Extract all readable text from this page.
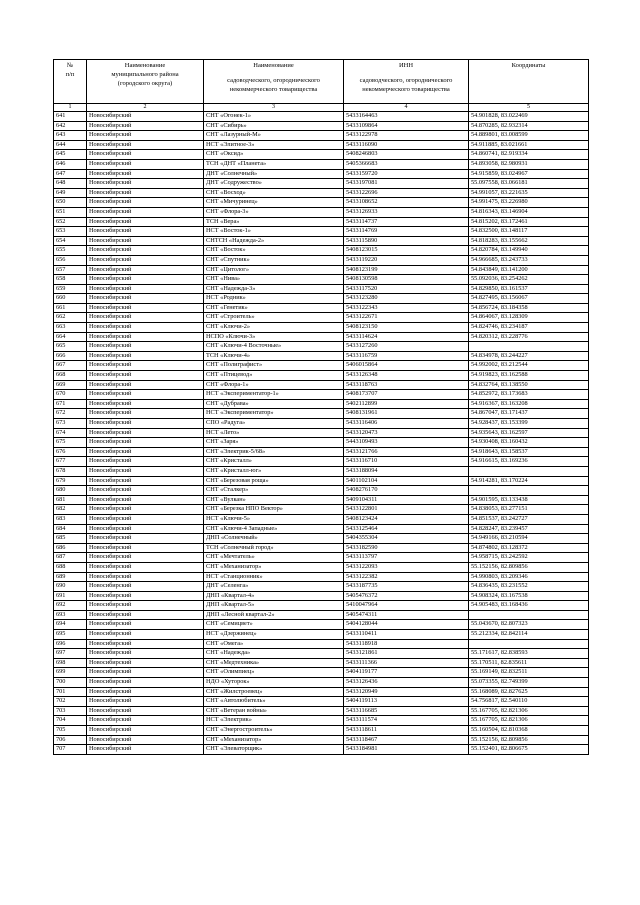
№
п/п	Наименование
муниципального района
(городского округа)	Наименование
садоводческого, огороднического
некоммерческого товарищества	ИНН
садоводческого, огороднического
некоммерческого товарищества	Координаты
1	2	3	4	5
641	Новосибирский	СНТ «Огонек-1»	5433164463	54.901828, 83.022469
642	Новосибирский	СНТ «Сибирь»	5433109864	54.870285, 82.932314
643	Новосибирский	СНТ «Лазурный-М»	5433122978	54.889801, 83.008599
644	Новосибирский	НСТ «Элитное-3»	5433116090	54.911885, 83.021661
645	Новосибирский	СНТ «Оксид»	5408246803	54.860741, 82.919334
646	Новосибирский	ТСН «ДНТ «Планета»	5405366683	54.893058, 82.980931
647	Новосибирский	ДНТ «Солнечный»	5433159720	54.915859, 83.024967
648	Новосибирский	ДНТ «Содружество»	5433197081	55.097558, 83.066181
649	Новосибирский	СНТ «Восход»	5433122696	54.991057, 83.221635
650	Новосибирский	СНТ «Мичуринец»	5433108652	54.991475, 83.226980
651	Новосибирский	СНТ «Флора-3»	5433126933	54.816343, 83.146904
652	Новосибирский	ТСН «Вера»	5433114737	54.815202, 83.172461
653	Новосибирский	НСТ «Восток-1»	5433114769	54.832500, 83.148117
654	Новосибирский	СНТСН «Надежда-2»	5433115890	54.818283, 83.155662
655	Новосибирский	СНТ «Восток»	5408123015	54.820784, 83.149940
656	Новосибирский	СНТ «Спутник»	5433119220	54.966685, 83.243733
657	Новосибирский	СНТ «Цитолог»	5408123199	54.843849, 83.141200
658	Новосибирский	СНТ «Нива»	5408130598	55.092036, 83.254262
659	Новосибирский	СНТ «Надежда-3»	5433117520	54.829850, 83.161537
660	Новосибирский	НСТ «Родник»	5433123280	54.827495, 83.156067
661	Новосибирский	СНТ «Генетик»	5433122343	54.856724, 83.184358
662	Новосибирский	СНТ «Строитель»	5433122671	54.864067, 83.128309
663	Новосибирский	СНТ «Ключи-2»	5408123150	54.824746, 83.234187
664	Новосибирский	НСПО «Ключи-3»	5433114624	54.820312, 83.228776
665	Новосибирский	СНТ «Ключи-4 Восточные»	5433127260	
666	Новосибирский	ТСН «Ключи-4»	5433116759	54.834978, 83.244227
667	Новосибирский	СНТ «Полиграфист»	5406015864	54.992002, 83.212544
668	Новосибирский	СНТ «Птицевод»	5433126348	54.919823, 83.162588
669	Новосибирский	СНТ «Флора-1»	5433118763	54.832764, 83.138550
670	Новосибирский	НСТ «Экспериментатор-1»	5408173707	54.852972, 83.173683
671	Новосибирский	СНТ «Дубрава»	5402112899	54.916367, 83.163208
672	Новосибирский	НСТ «Экспериментатор»	5408131961	54.867047, 83.171437
673	Новосибирский	СПО «Радуга»	5433116406	54.928437, 83.153399
674	Новосибирский	НСТ «Лето»	5433120473	54.935643, 83.162597
675	Новосибирский	СНТ «Заря»	5443109493	54.930408, 83.160432
676	Новосибирский	СНТ «Электрик-5/68»	5433121766	54.918643, 83.158537
677	Новосибирский	СНТ «Кристалл»	5433116710	54.916615, 83.169236
678	Новосибирский	СНТ «Кристалл-юг»	5433188094	
679	Новосибирский	СНТ «Березовая роща»	5401102104	54.914281, 83.170224
680	Новосибирский	СНТ «Сталкер»	5408276170	
681	Новосибирский	СНТ «Вулкан»	5409104311	54.901595, 83.133438
682	Новосибирский	СНТ «Березка НПО Вектор»	5433122801	54.838053, 83.277151
683	Новосибирский	НСТ «Ключи-5»	5408123424	54.851537, 83.242727
684	Новосибирский	СНТ «Ключи-4 Западные»	5433125464	54.828247, 83.239457
685	Новосибирский	ДНП «Солнечный»	5404355304	54.949166, 83.210594
686	Новосибирский	ТСН «Солнечный город»	5433182590	54.874802, 83.128372
687	Новосибирский	СНТ «Мечтатель»	5433113797	54.958715, 83.242592
688	Новосибирский	СНТ «Механизатор»	5433122093	55.152156, 82.809856
689	Новосибирский	НСТ «Станционник»	5433122382	54.990803, 83.209346
690	Новосибирский	ДНТ «Селенга»	5433187735	54.836435, 83.231552
691	Новосибирский	ДНП «Квартал-4»	5405476372	54.908324, 83.167538
692	Новосибирский	ДНП «Квартал-5»	5410047964	54.905483, 83.168436
693	Новосибирский	ДНП «Лесной квартал-2»	5405474311	
694	Новосибирский	СНТ «Семицвет»	5404128044	55.043670, 82.807323
695	Новосибирский	НСТ «Дзержинец»	5433110411	55.212334, 82.842114
696	Новосибирский	СНТ «Омега»	5433118918	
697	Новосибирский	СНТ «Надежда»	5433121861	55.171617, 82.838593
698	Новосибирский	СНТ «Медтехника»	5433111366	55.170511, 82.835611
699	Новосибирский	СНТ «Олимпиец»	5404119177	55.169149, 82.832511
700	Новосибирский	НДО «Хуторок»	5433126436	55.073355, 82.749399
701	Новосибирский	СНТ «Жилстроевец»	5433120949	55.168089, 82.827625
702	Новосибирский	СНТ «Автолюбитель»	5404119113	54.756817, 82.540110
703	Новосибирский	СНТ «Ветеран войны»	5433116685	55.167705, 82.821306
704	Новосибирский	НСТ «Электрик»	5433111574	55.167705, 82.821306
705	Новосибирский	СНТ «Энергостроитель»	5433118611	55.160504, 82.810368
706	Новосибирский	СНТ «Механизатор»	5433118467	55.152156, 82.809856
707	Новосибирский	СНТ «Элеваторщик»	5433184981	55.152401, 82.806675
